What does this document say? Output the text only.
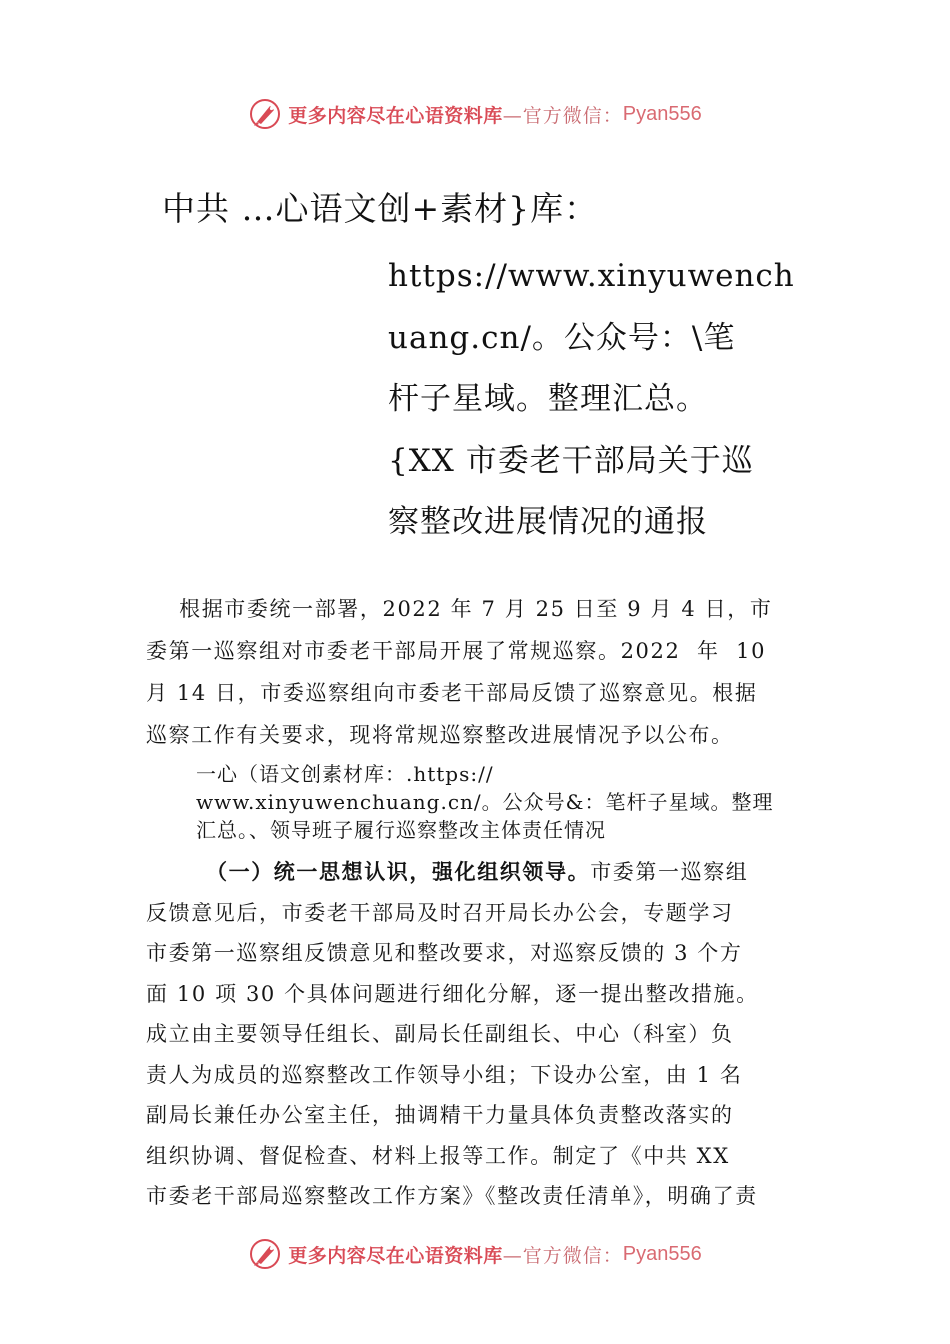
更多内容尽在心语资料库 —官方微信： Pyan556
中共 …心语文创+素材}库：
https://www.xinyuwench
uang.cn/。公众号：\笔
杆子星域。整理汇总。
{XX 市委老干部局关于巡
察整改进展情况的通报
根据市委统一部署，2022 年 7 月 25 日至 9 月 4 日，市
委第一巡察组对市委老干部局开展了常规巡察。2022  年  10
月 14 日，市委巡察组向市委老干部局反馈了巡察意见。根据
巡察工作有关要求，现将常规巡察整改进展情况予以公布。
一心（语文创素材库：.https://
www.xinyuwenchuang.cn/。公众号&：笔杆子星域。整理
汇总。、领导班子履行巡察整改主体责任情况
（一）统一思想认识，强化组织领导。市委第一巡察组
反馈意见后，市委老干部局及时召开局长办公会，专题学习
市委第一巡察组反馈意见和整改要求，对巡察反馈的 3 个方
面 10 项 30 个具体问题进行细化分解，逐一提出整改措施。
成立由主要领导任组长、副局长任副组长、中心（科室）负
责人为成员的巡察整改工作领导小组；下设办公室，由 1 名
副局长兼任办公室主任，抽调精干力量具体负责整改落实的
组织协调、督促检查、材料上报等工作。制定了《中共 XX
市委老干部局巡察整改工作方案》《整改责任清单》，明确了责
更多内容尽在心语资料库 —官方微信： Pyan556
